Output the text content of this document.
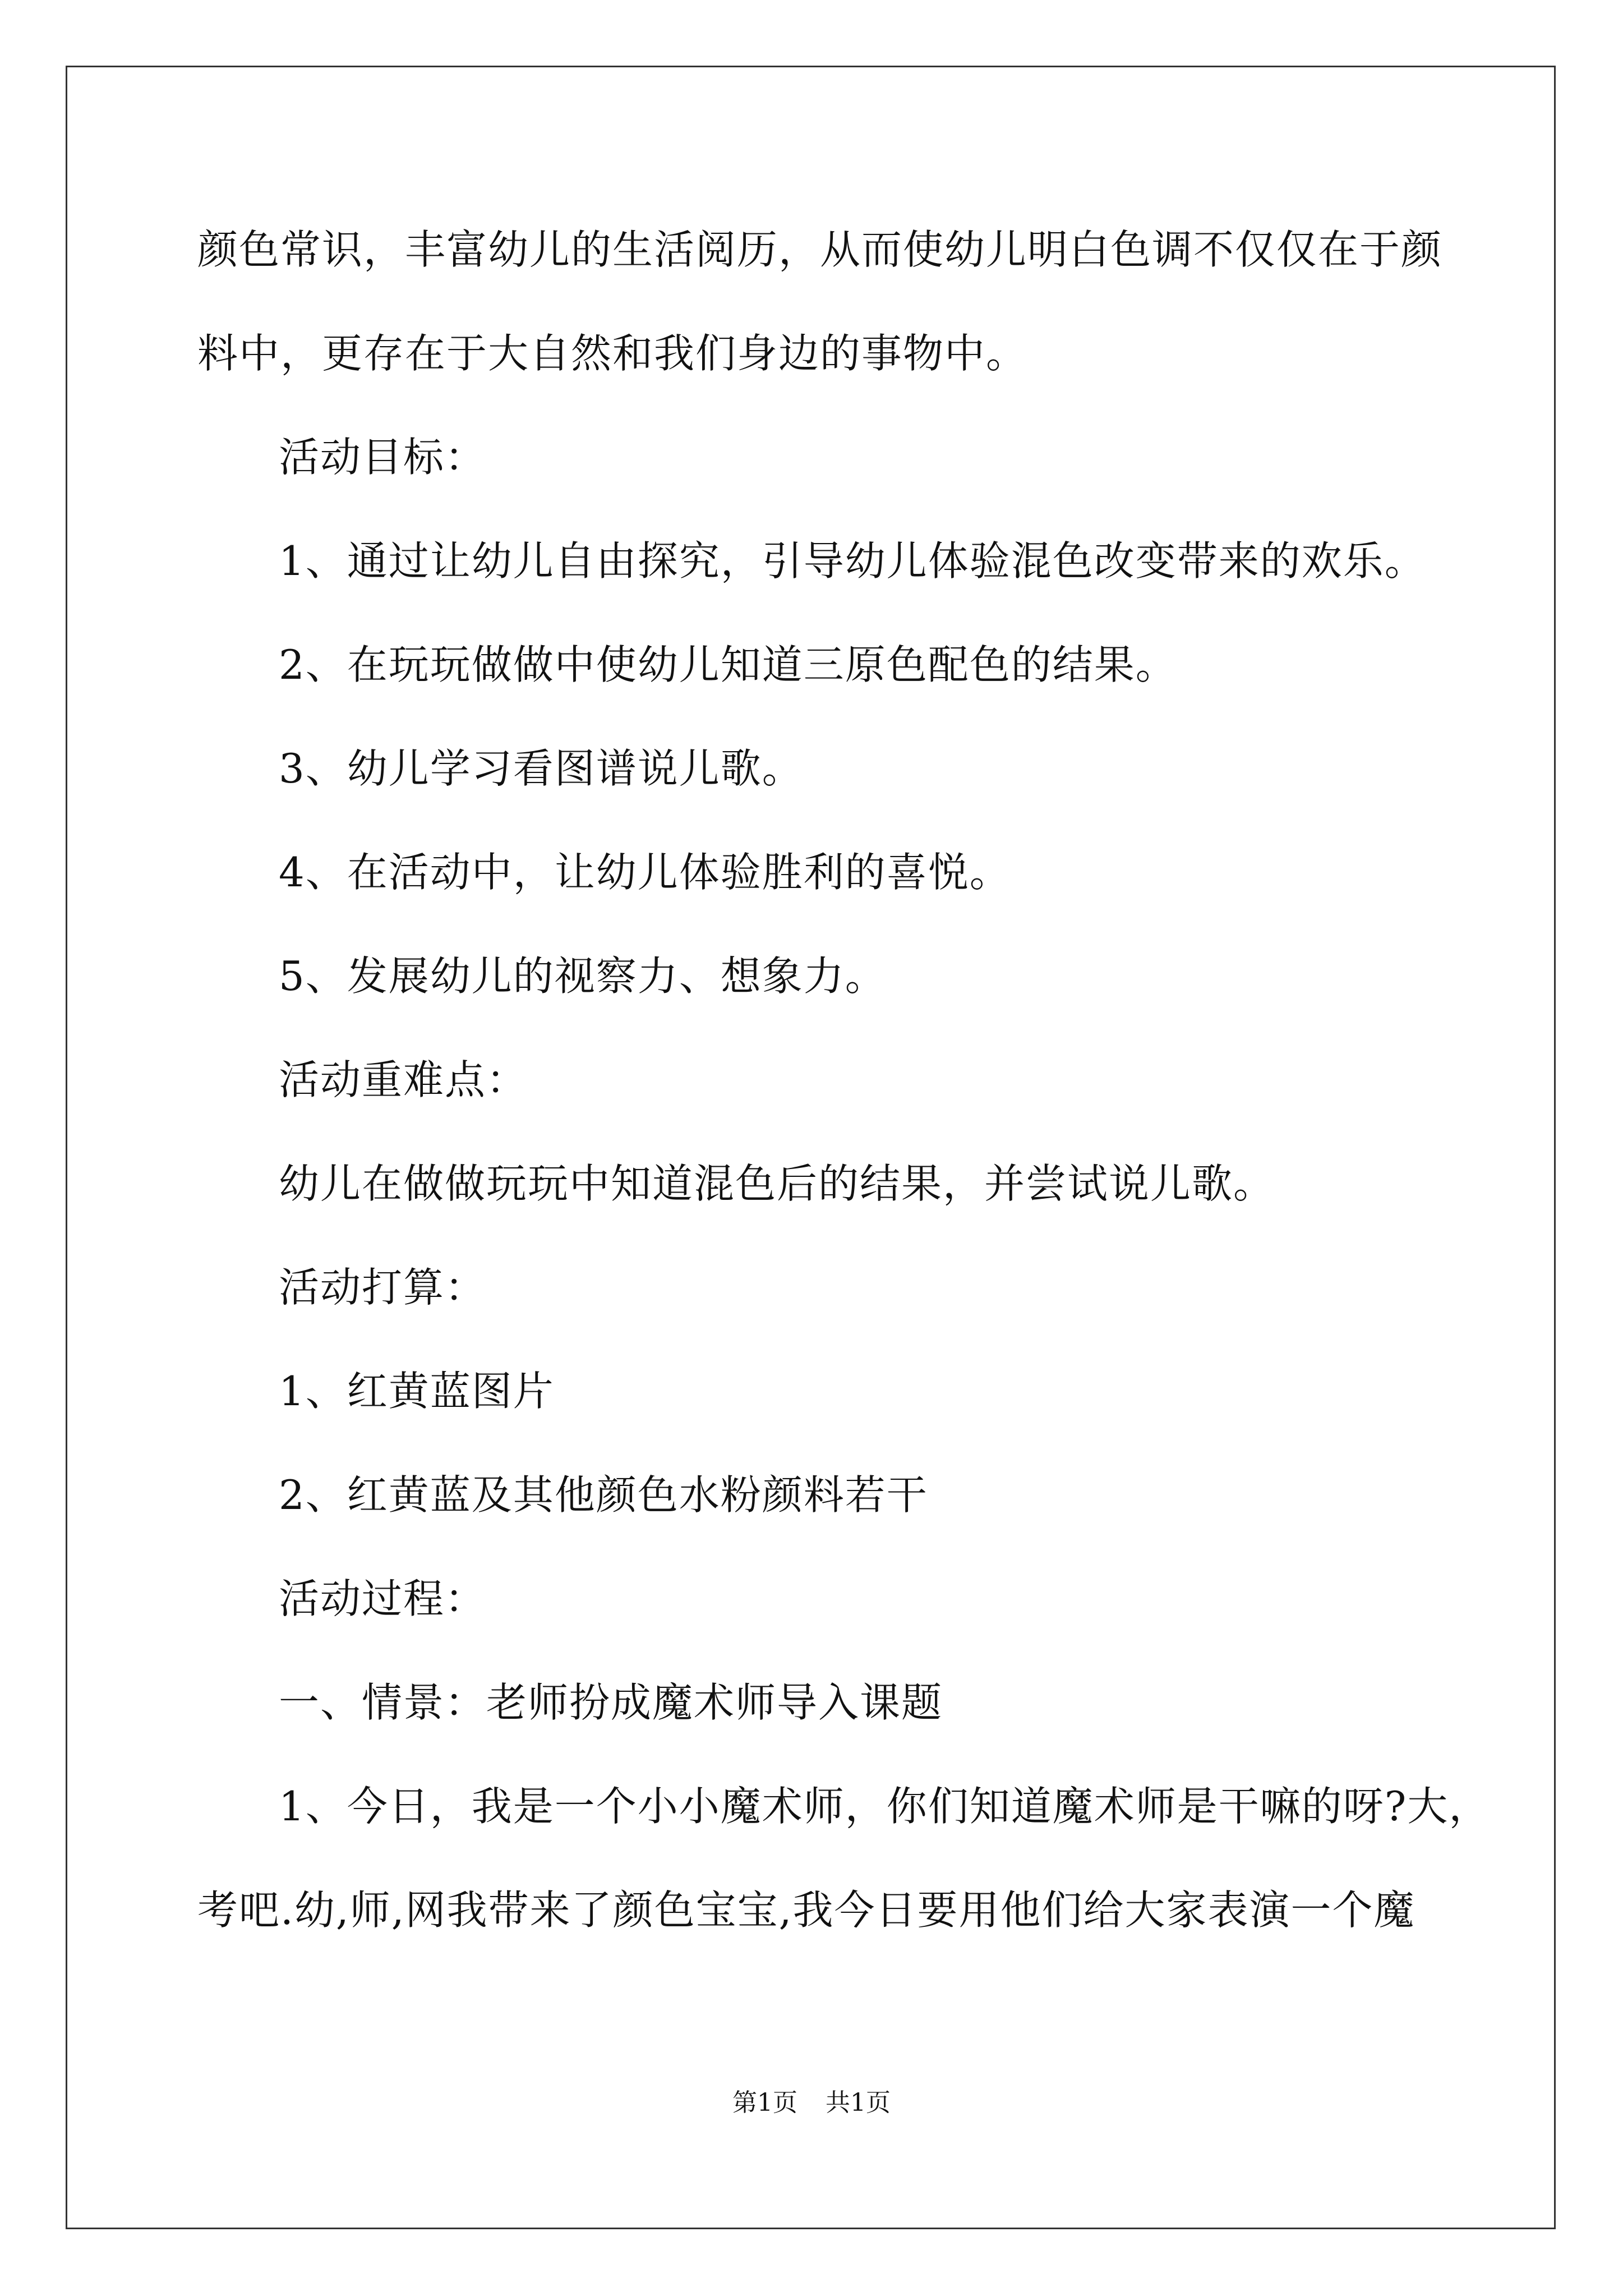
颜色常识，丰富幼儿的生活阅历，从而使幼儿明白色调不仅仅在于颜
料中，更存在于大自然和我们身边的事物中。
活动目标：
1、通过让幼儿自由探究，引导幼儿体验混色改变带来的欢乐。
2、在玩玩做做中使幼儿知道三原色配色的结果。
3、幼儿学习看图谱说儿歌。
4、在活动中，让幼儿体验胜利的喜悦。
5、发展幼儿的视察力、想象力。
活动重难点：
幼儿在做做玩玩中知道混色后的结果，并尝试说儿歌。
活动打算：
1、红黄蓝图片
2、红黄蓝及其他颜色水粉颜料若干
活动过程：
一、情景：老师扮成魔术师导入课题
1、今日，我是一个小小魔术师，你们知道魔术师是干嘛的呀?大，
考吧.幼,师,网我带来了颜色宝宝,我今日要用他们给大家表演一个魔
第1页 共1页
